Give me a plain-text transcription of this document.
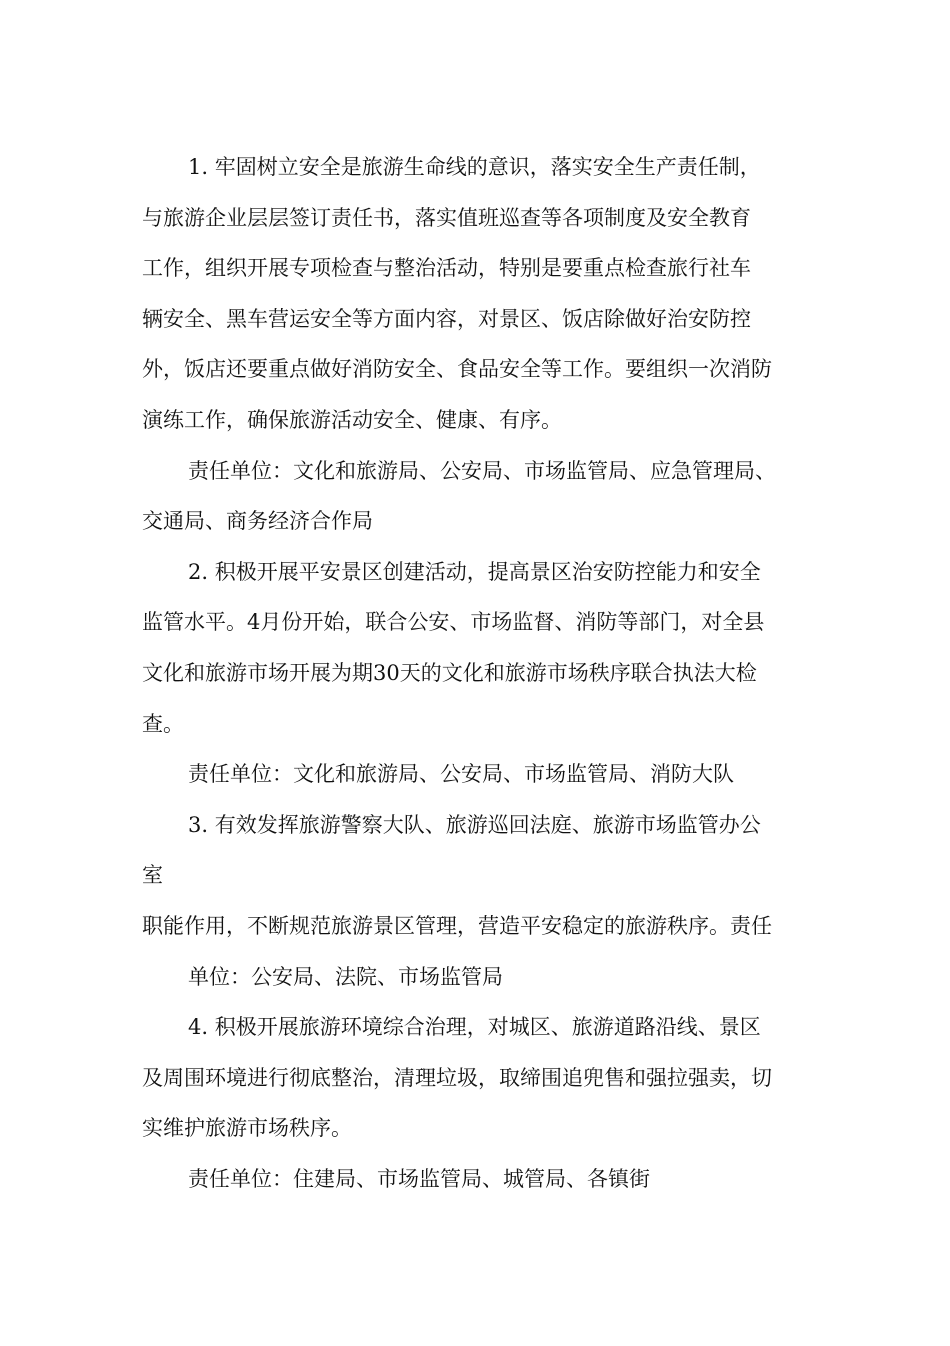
1. 牢固树立安全是旅游生命线的意识，落实安全生产责任制，
与旅游企业层层签订责任书，落实值班巡查等各项制度及安全教育
工作，组织开展专项检查与整治活动，特别是要重点检查旅行社车
辆安全、黑车营运安全等方面内容，对景区、饭店除做好治安防控
外，饭店还要重点做好消防安全、食品安全等工作。要组织一次消防
演练工作，确保旅游活动安全、健康、有序。
责任单位：文化和旅游局、公安局、市场监管局、应急管理局、
交通局、商务经济合作局
2. 积极开展平安景区创建活动，提高景区治安防控能力和安全
监管水平。4月份开始，联合公安、市场监督、消防等部门，对全县
文化和旅游市场开展为期30天的文化和旅游市场秩序联合执法大检
查。
责任单位：文化和旅游局、公安局、市场监管局、消防大队
3. 有效发挥旅游警察大队、旅游巡回法庭、旅游市场监管办公
室
职能作用，不断规范旅游景区管理，营造平安稳定的旅游秩序。责任
单位：公安局、法院、市场监管局
4. 积极开展旅游环境综合治理，对城区、旅游道路沿线、景区
及周围环境进行彻底整治，清理垃圾，取缔围追兜售和强拉强卖，切
实维护旅游市场秩序。
责任单位：住建局、市场监管局、城管局、各镇街
